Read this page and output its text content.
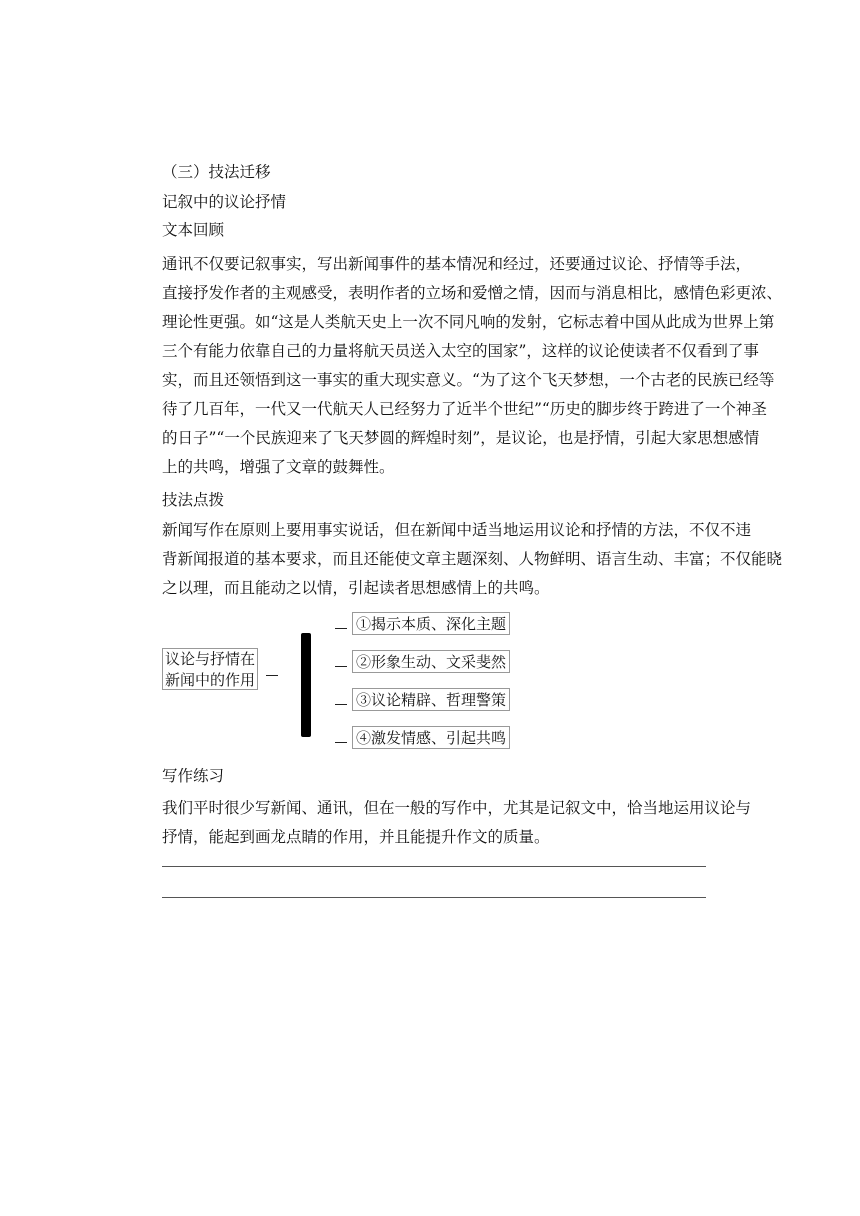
（三）技法迁移
记叙中的议论抒情
文本回顾
通讯不仅要记叙事实，写出新闻事件的基本情况和经过，还要通过议论、抒情等手法，
直接抒发作者的主观感受，表明作者的立场和爱憎之情，因而与消息相比，感情色彩更浓、
理论性更强。如“这是人类航天史上一次不同凡响的发射，它标志着中国从此成为世界上第
三个有能力依靠自己的力量将航天员送入太空的国家”，这样的议论使读者不仅看到了事
实，而且还领悟到这一事实的重大现实意义。“为了这个飞天梦想，一个古老的民族已经等
待了几百年，一代又一代航天人已经努力了近半个世纪”“历史的脚步终于跨进了一个神圣
的日子”“一个民族迎来了飞天梦圆的辉煌时刻”，是议论，也是抒情，引起大家思想感情
上的共鸣，增强了文章的鼓舞性。
技法点拨
新闻写作在原则上要用事实说话，但在新闻中适当地运用议论和抒情的方法，不仅不违
背新闻报道的基本要求，而且还能使文章主题深刻、人物鲜明、语言生动、丰富；不仅能晓
之以理，而且能动之以情，引起读者思想感情上的共鸣。
议论与抒情在
新闻中的作用
①揭示本质、深化主题
②形象生动、文采斐然
③议论精辟、哲理警策
④激发情感、引起共鸣
写作练习
我们平时很少写新闻、通讯，但在一般的写作中，尤其是记叙文中，恰当地运用议论与
抒情，能起到画龙点睛的作用，并且能提升作文的质量。
